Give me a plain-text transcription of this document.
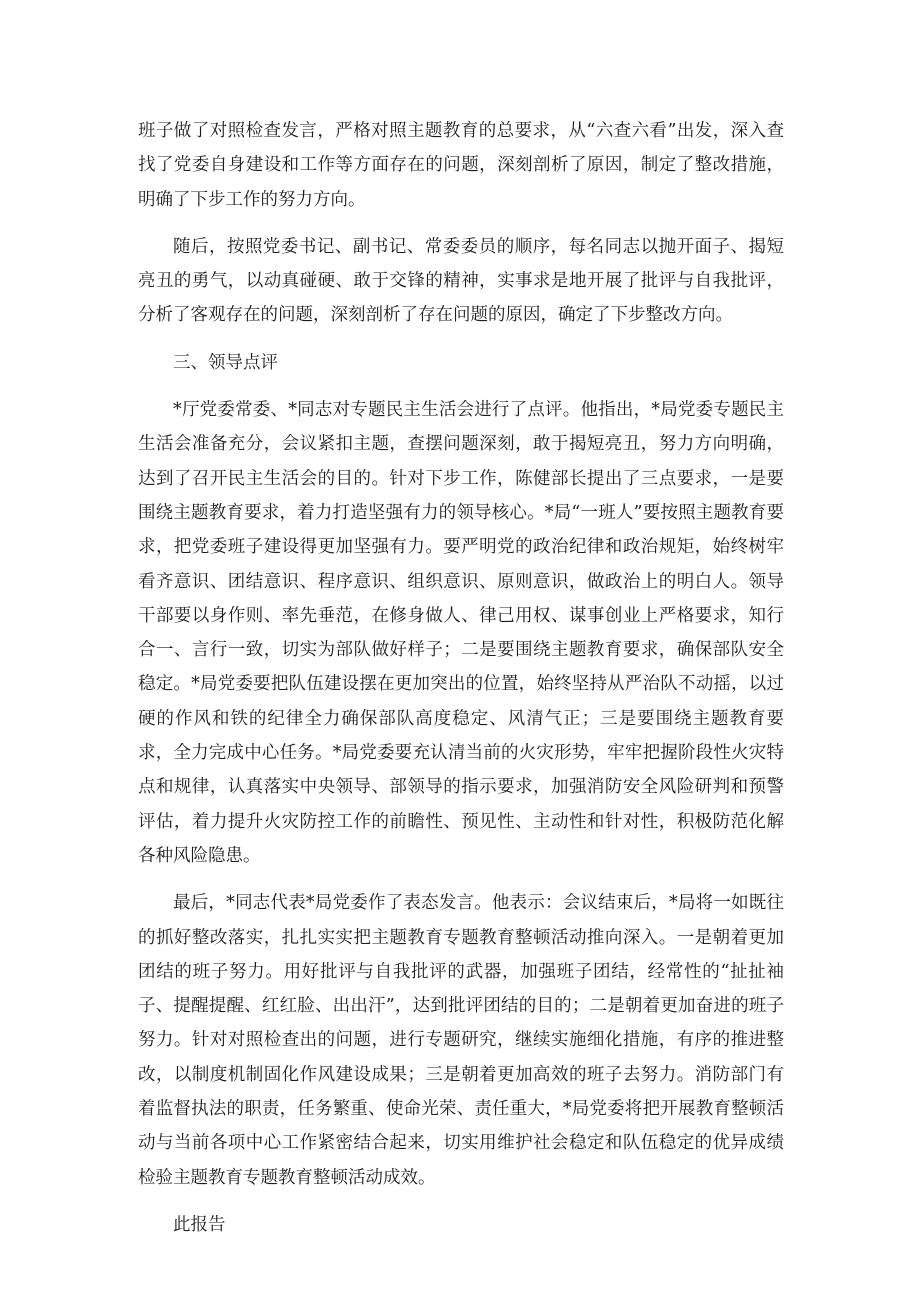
班子做了对照检查发言，严格对照主题教育的总要求，从“六查六看”出发，深入查找了党委自身建设和工作等方面存在的问题，深刻剖析了原因，制定了整改措施，明确了下步工作的努力方向。

随后，按照党委书记、副书记、常委委员的顺序，每名同志以抛开面子、揭短亮丑的勇气，以动真碰硬、敢于交锋的精神，实事求是地开展了批评与自我批评，分析了客观存在的问题，深刻剖析了存在问题的原因，确定了下步整改方向。

三、领导点评

*厅党委常委、*同志对专题民主生活会进行了点评。他指出，*局党委专题民主生活会准备充分，会议紧扣主题，查摆问题深刻，敢于揭短亮丑，努力方向明确，达到了召开民主生活会的目的。针对下步工作，陈健部长提出了三点要求，一是要围绕主题教育要求，着力打造坚强有力的领导核心。*局“一班人”要按照主题教育要求，把党委班子建设得更加坚强有力。要严明党的政治纪律和政治规矩，始终树牢看齐意识、团结意识、程序意识、组织意识、原则意识，做政治上的明白人。领导干部要以身作则、率先垂范，在修身做人、律己用权、谋事创业上严格要求，知行合一、言行一致，切实为部队做好样子；二是要围绕主题教育要求，确保部队安全稳定。*局党委要把队伍建设摆在更加突出的位置，始终坚持从严治队不动摇，以过硬的作风和铁的纪律全力确保部队高度稳定、风清气正；三是要围绕主题教育要求，全力完成中心任务。*局党委要充认清当前的火灾形势，牢牢把握阶段性火灾特点和规律，认真落实中央领导、部领导的指示要求，加强消防安全风险研判和预警评估，着力提升火灾防控工作的前瞻性、预见性、主动性和针对性，积极防范化解各种风险隐患。

最后，*同志代表*局党委作了表态发言。他表示：会议结束后，*局将一如既往的抓好整改落实，扎扎实实把主题教育专题教育整顿活动推向深入。一是朝着更加团结的班子努力。用好批评与自我批评的武器，加强班子团结，经常性的“扯扯袖子、提醒提醒、红红脸、出出汗”，达到批评团结的目的；二是朝着更加奋进的班子努力。针对对照检查出的问题，进行专题研究，继续实施细化措施，有序的推进整改，以制度机制固化作风建设成果；三是朝着更加高效的班子去努力。消防部门有着监督执法的职责，任务繁重、使命光荣、责任重大，*局党委将把开展教育整顿活动与当前各项中心工作紧密结合起来，切实用维护社会稳定和队伍稳定的优异成绩检验主题教育专题教育整顿活动成效。

此报告
